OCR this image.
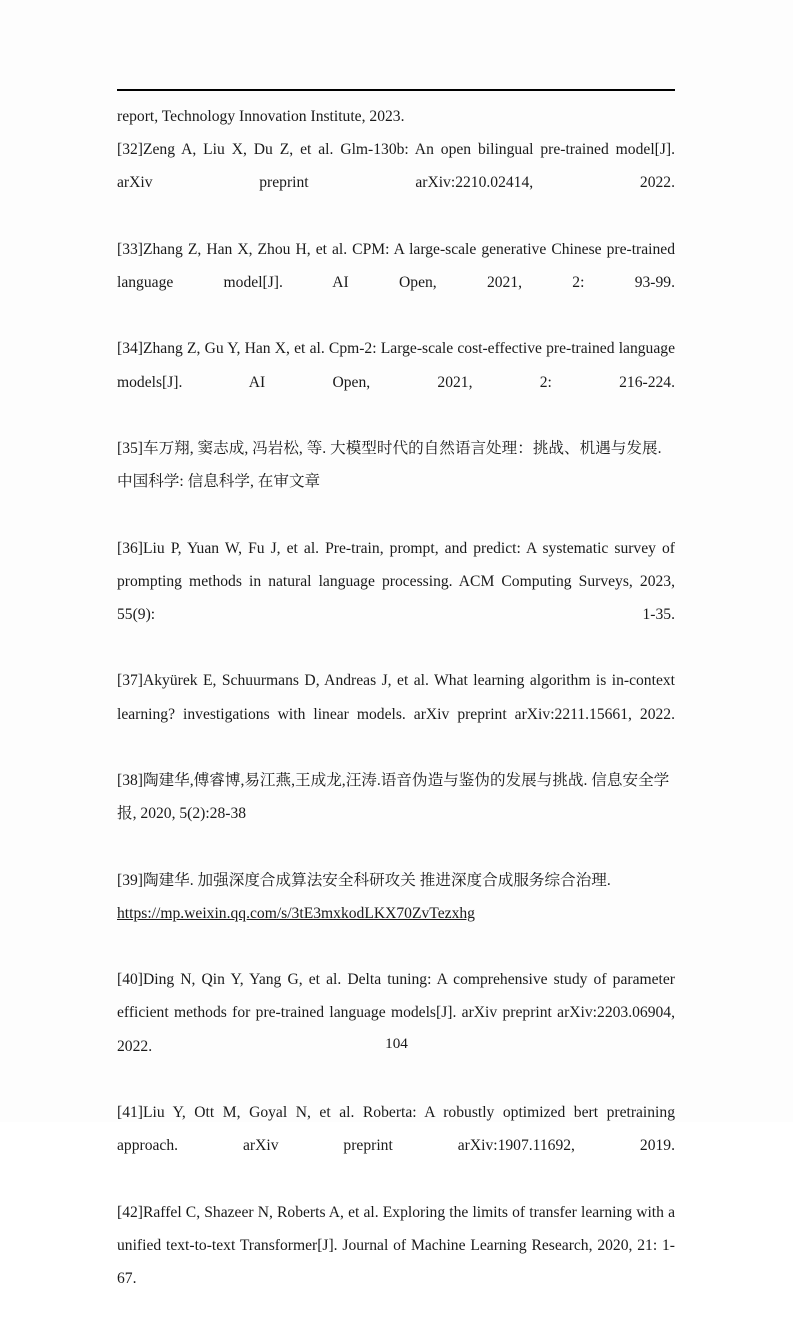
report, Technology Innovation Institute, 2023.

[32]Zeng A, Liu X, Du Z, et al. Glm-130b: An open bilingual pre-trained model[J]. arXiv preprint arXiv:2210.02414, 2022.

[33]Zhang Z, Han X, Zhou H, et al. CPM: A large-scale generative Chinese pre-trained language model[J]. AI Open, 2021, 2: 93-99.

[34]Zhang Z, Gu Y, Han X, et al. Cpm-2: Large-scale cost-effective pre-trained language models[J]. AI Open, 2021, 2: 216-224.

[35]车万翔, 窦志成, 冯岩松, 等. 大模型时代的自然语言处理：挑战、机遇与发展. 中国科学: 信息科学, 在审文章

[36]Liu P, Yuan W, Fu J, et al. Pre-train, prompt, and predict: A systematic survey of prompting methods in natural language processing. ACM Computing Surveys, 2023, 55(9): 1-35.

[37]Akyürek E, Schuurmans D, Andreas J, et al. What learning algorithm is in-context learning? investigations with linear models. arXiv preprint arXiv:2211.15661, 2022.

[38]陶建华,傅睿博,易江燕,王成龙,汪涛.语音伪造与鉴伪的发展与挑战. 信息安全学报, 2020, 5(2):28-38

[39]陶建华. 加强深度合成算法安全科研攻关 推进深度合成服务综合治理. https://mp.weixin.qq.com/s/3tE3mxkodLKX70ZvTezxhg

[40]Ding N, Qin Y, Yang G, et al. Delta tuning: A comprehensive study of parameter efficient methods for pre-trained language models[J]. arXiv preprint arXiv:2203.06904, 2022.

[41]Liu Y, Ott M, Goyal N, et al. Roberta: A robustly optimized bert pretraining approach. arXiv preprint arXiv:1907.11692, 2019.

[42]Raffel C, Shazeer N, Roberts A, et al. Exploring the limits of transfer learning with a unified text-to-text Transformer[J]. Journal of Machine Learning Research, 2020, 21: 1-67.

104
